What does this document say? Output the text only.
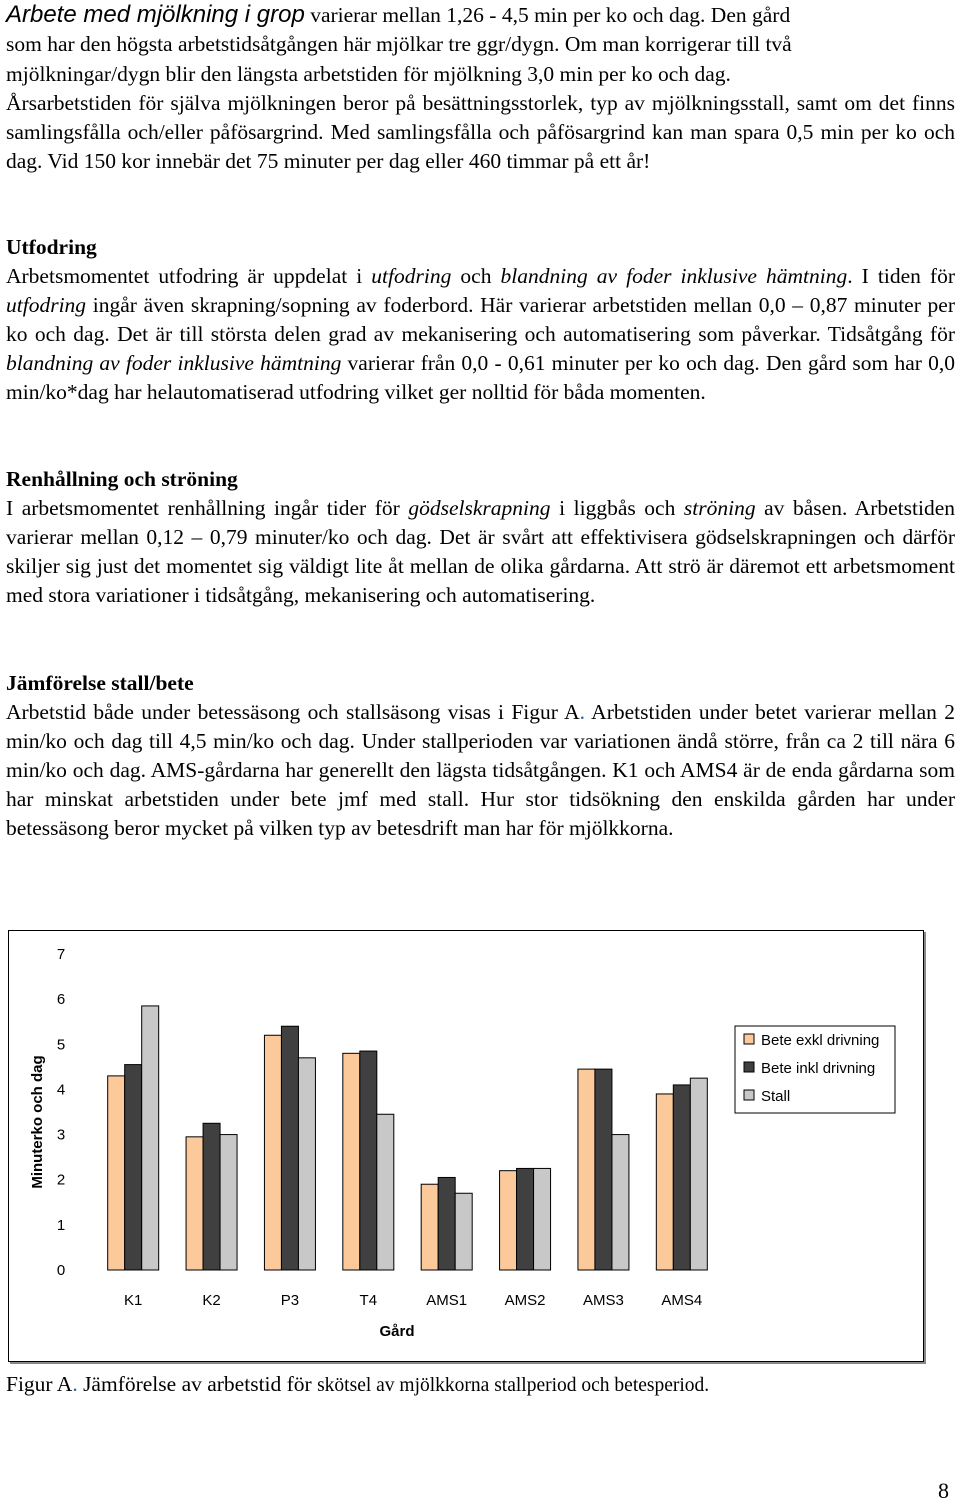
Arbete med mjölkning i grop varierar mellan 1,26 - 4,5 min per ko och dag. Den gård
som har den högsta arbetstidsåtgången här mjölkar tre ggr/dygn. Om man korrigerar till två
mjölkningar/dygn blir den längsta arbetstiden för mjölkning 3,0 min per ko och dag.

Årsarbetstiden för själva mjölkningen beror på besättningsstorlek, typ av mjölkningsstall, samt om det finns samlingsfålla och/eller påfösargrind. Med samlingsfålla och påfösargrind kan man spara 0,5 min per ko och dag. Vid 150 kor innebär det 75 minuter per dag eller 460 timmar på ett år!

Utfodring

Arbetsmomentet utfodring är uppdelat i utfodring och blandning av foder inklusive hämtning. I tiden för utfodring ingår även skrapning/sopning av foderbord. Här varierar arbetstiden mellan 0,0 – 0,87 minuter per ko och dag. Det är till största delen grad av mekanisering och automatisering som påverkar. Tidsåtgång för blandning av foder inklusive hämtning varierar från 0,0 - 0,61 minuter per ko och dag. Den gård som har 0,0 min/ko*dag har helautomatiserad utfodring vilket ger nolltid för båda momenten.

Renhållning och ströning

I arbetsmomentet renhållning ingår tider för gödselskrapning i liggbås och ströning av båsen. Arbetstiden varierar mellan 0,12 – 0,79 minuter/ko och dag. Det är svårt att effektivisera gödselskrapningen och därför skiljer sig just det momentet sig väldigt lite åt mellan de olika gårdarna. Att strö är däremot ett arbetsmoment med stora variationer i tidsåtgång, mekanisering och automatisering.

Jämförelse stall/bete

Arbetstid både under betessäsong och stallsäsong visas i Figur A. Arbetstiden under betet varierar mellan 2 min/ko och dag till 4,5 min/ko och dag. Under stallperioden var variationen ändå större, från ca 2 till nära 6 min/ko och dag. AMS-gårdarna har generellt den lägsta tidsåtgången. K1 och AMS4 är de enda gårdarna som har minskat arbetstiden under bete jmf med stall. Hur stor tidsökning den enskilda gården har under betessäsong beror mycket på vilken typ av betesdrift man har för mjölkkorna.

0
1
2
3
4
5
6
7
Minuterko och dag
K1	K2	P3	T4	AMS1	AMS2	AMS3	AMS4
Gård
Bete exkl drivning
Bete inkl drivning
Stall
Figur A. Jämförelse av arbetstid för skötsel av mjölkkorna stallperiod och betesperiod.
8
